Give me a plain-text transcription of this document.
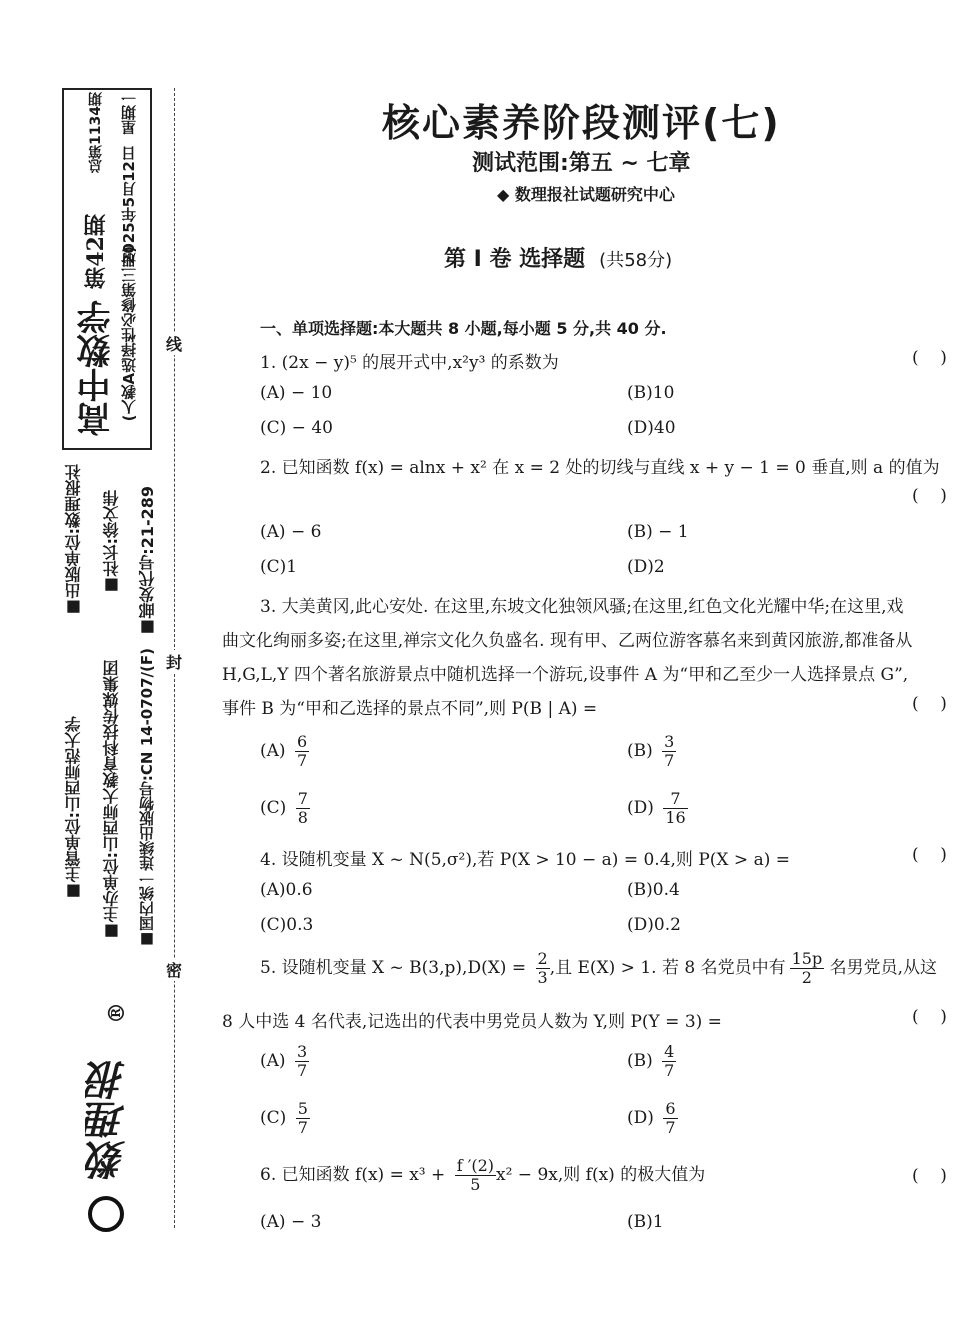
高中数学 (人教A选择性必修第三册)
第42期
总第1134期
2025年5月12日
星期一
■出版单位:数理报社 ■社长:徐文伟 ■邮发代号:21-289
■主管单位:山西师范大学 ■主办单位:山西师大教育科技传媒集团 ■国内统一连续出版物号:CN 14-0707/(F)
数理报
®
线
封
密
核心素养阶段测评(七)
测试范围:第五 ~ 七章
◆ 数理报社试题研究中心
第 Ⅰ 卷 选择题 (共58分)
一、单项选择题:本大题共 8 小题,每小题 5 分,共 40 分.
1. (2x − y)⁵ 的展开式中,x²y³ 的系数为	(    )
(A) − 10	(B)10
(C) − 40	(D)40
2. 已知函数 f(x) = alnx + x² 在 x = 2 处的切线与直线 x + y − 1 = 0 垂直,则 a 的值为
(    )
(A) − 6	(B) − 1
(C)1	(D)2
3. 大美黄冈,此心安处. 在这里,东坡文化独领风骚;在这里,红色文化光耀中华;在这里,戏
曲文化绚丽多姿;在这里,禅宗文化久负盛名. 现有甲、乙两位游客慕名来到黄冈旅游,都准备从
H,G,L,Y 四个著名旅游景点中随机选择一个游玩,设事件 A 为“甲和乙至少一人选择景点 G”,
事件 B 为“甲和乙选择的景点不同”,则 P(B | A) =	(    )
$(A) \frac{6}{7}$	$(B) \frac{3}{7}$
$(C) \frac{7}{8}$	$(D) \frac{7}{16}$
4. 设随机变量 X ~ N(5,σ²),若 P(X > 10 − a) = 0.4,则 P(X > a) =	(    )
(A)0.6	(B)0.4
(C)0.3	(D)0.2
5. 设随机变量 X ~ $B(3,p),D(X) = \frac{2}{3}$ ,且 E(X) > 1. 若 8 名党员中有 $\frac{15p}{2}$ 名男党员,从这
8 人中选 4 名代表,记选出的代表中男党员人数为 Y,则 P(Y = 3) =	(    )
$(A) \frac{3}{7}$	$(B) \frac{4}{7}$
$(C) \frac{5}{7}$	$(D) \frac{6}{7}$
6. 已知函数 $f(x) = x^3 + \frac{f '(2)}{5} x^2 - 9x$,则 f(x) 的极大值为	(    )
(A) − 3	(B)1
